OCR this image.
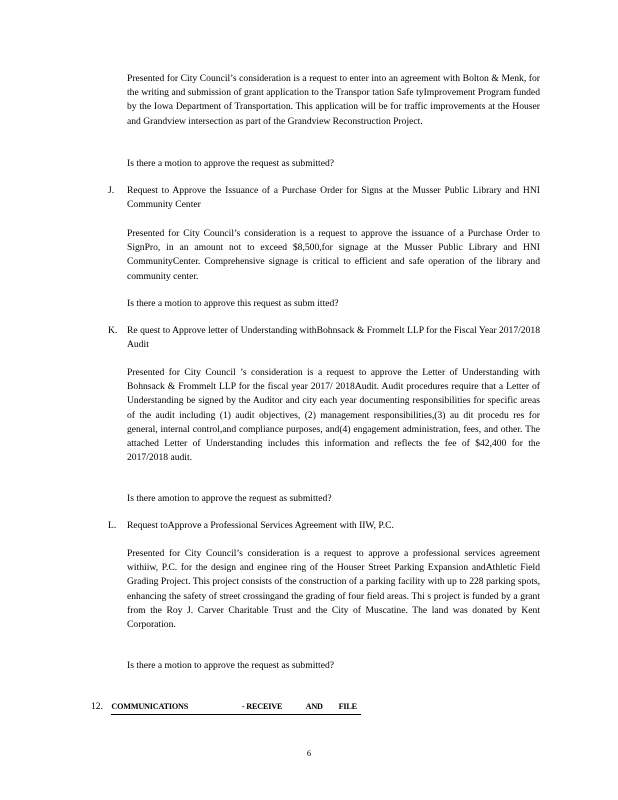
Presented for City Council’s consideration is a request to enter into an agreement with Bolton & Menk, for the writing and submission of grant application to the Transpor tation Safe tyImprovement Program funded by the Iowa Department of Transportation. This application will be for traffic improvements at the Houser and Grandview intersection as part of the Grandview Reconstruction Project.

Is there a motion to approve the request as submitted?

J. Request to Approve the Issuance of a Purchase Order for Signs at the Musser Public Library and HNI Community Center

Presented for City Council’s consideration is a request to approve the issuance of a Purchase Order to SignPro, in an amount not to exceed $8,500,for signage at the Musser Public Library and HNI CommunityCenter. Comprehensive signage is critical to efficient and safe operation of the library and community center.

Is there a motion to approve this request as subm itted?

K. Re quest to Approve letter of Understanding withBohnsack & Frommelt LLP for the Fiscal Year 2017/2018 Audit

Presented for City Council ’s consideration is a request to approve the Letter of Understanding with Bohnsack & Frommelt LLP for the fiscal year 2017/ 2018Audit. Audit procedures require that a Letter of Understanding be signed by the Auditor and city each year documenting responsibilities for specific areas of the audit including (1) audit objectives, (2) management responsibilities,(3) au dit procedu res for general, internal control,and compliance purposes, and(4) engagement administration, fees, and other. The attached Letter of Understanding includes this information and reflects the fee of $42,400 for the 2017/2018 audit.

Is there amotion to approve the request as submitted?

L. Request toApprove a Professional Services Agreement with IIW, P.C.

Presented for City Council’s consideration is a request to approve a professional services agreement withiiw, P.C. for the design and enginee ring of the Houser Street Parking Expansion andAthletic Field Grading Project. This project consists of the construction of a parking facility with up to 228 parking spots, enhancing the safety of street crossingand the grading of four field areas. Thi s project is funded by a grant from the Roy J. Carver Charitable Trust and the City of Muscatine. The land was donated by Kent Corporation.

Is there a motion to approve the request as submitted?

12. COMMUNICATIONS	- RECEIVE	AND FILE
6
